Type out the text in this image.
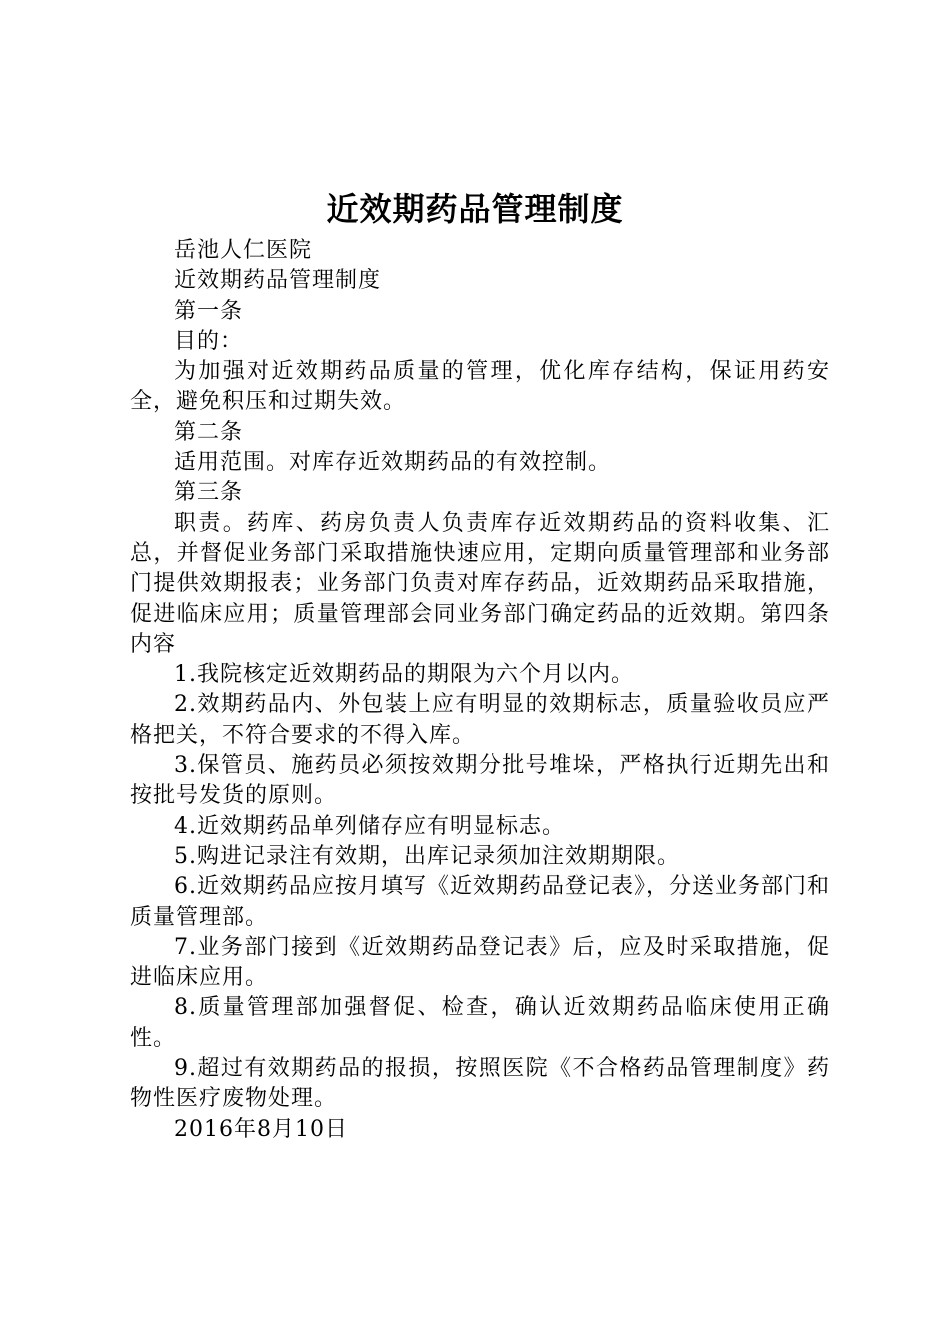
近效期药品管理制度

岳池人仁医院

近效期药品管理制度

第一条

目的：

为加强对近效期药品质量的管理，优化库存结构，保证用药安全，避免积压和过期失效。

第二条

适用范围。对库存近效期药品的有效控制。

第三条

职责。药库、药房负责人负责库存近效期药品的资料收集、汇总，并督促业务部门采取措施快速应用，定期向质量管理部和业务部门提供效期报表；业务部门负责对库存药品，近效期药品采取措施，促进临床应用；质量管理部会同业务部门确定药品的近效期。第四条内容

1.我院核定近效期药品的期限为六个月以内。

2.效期药品内、外包装上应有明显的效期标志，质量验收员应严格把关，不符合要求的不得入库。

3.保管员、施药员必须按效期分批号堆垛，严格执行近期先出和按批号发货的原则。

4.近效期药品单列储存应有明显标志。

5.购进记录注有效期，出库记录须加注效期期限。

6.近效期药品应按月填写《近效期药品登记表》，分送业务部门和质量管理部。

7.业务部门接到《近效期药品登记表》后，应及时采取措施，促进临床应用。

8.质量管理部加强督促、检查，确认近效期药品临床使用正确性。

9.超过有效期药品的报损，按照医院《不合格药品管理制度》药物性医疗废物处理。

2016年8月10日
